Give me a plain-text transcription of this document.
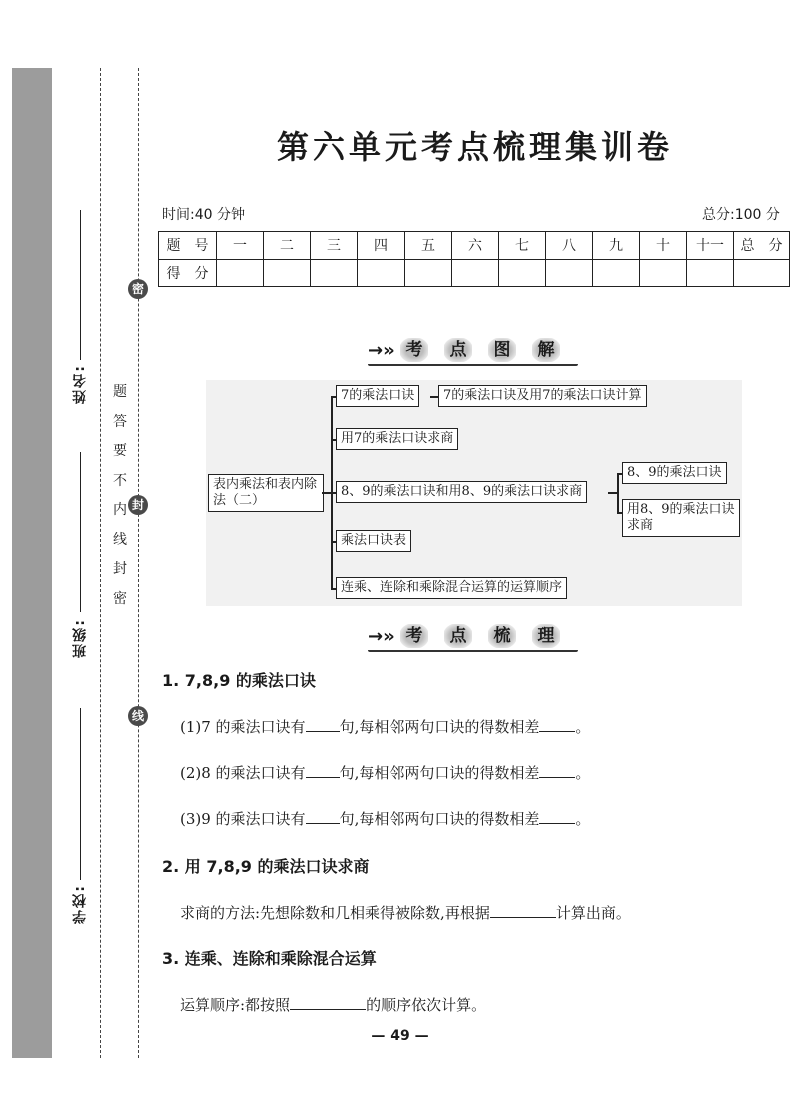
姓名:
班级:
学校:
题
答
要
不
内
线
封
密
密
封
线
第六单元考点梳理集训卷
时间:40 分钟	总分:100 分
题　号	一	二	三	四	五	六	七	八	九	十	十一	总　分
得　分												
→» 考	点	图	解
表内乘法和表内除法（二）
7的乘法口诀	7的乘法口诀及用7的乘法口诀计算
用7的乘法口诀求商
8、9的乘法口诀和用8、9的乘法口诀求商
8、9的乘法口诀
用8、9的乘法口诀求商
乘法口诀表
连乘、连除和乘除混合运算的运算顺序
→» 考	点	梳	理
1. 7,8,9 的乘法口诀
(1)7 的乘法口诀有 句,每相邻两句口诀的得数相差 。
(2)8 的乘法口诀有 句,每相邻两句口诀的得数相差 。
(3)9 的乘法口诀有 句,每相邻两句口诀的得数相差 。
2. 用 7,8,9 的乘法口诀求商
求商的方法:先想除数和几相乘得被除数,再根据	计算出商。
3. 连乘、连除和乘除混合运算
运算顺序:都按照	的顺序依次计算。
— 49 —
